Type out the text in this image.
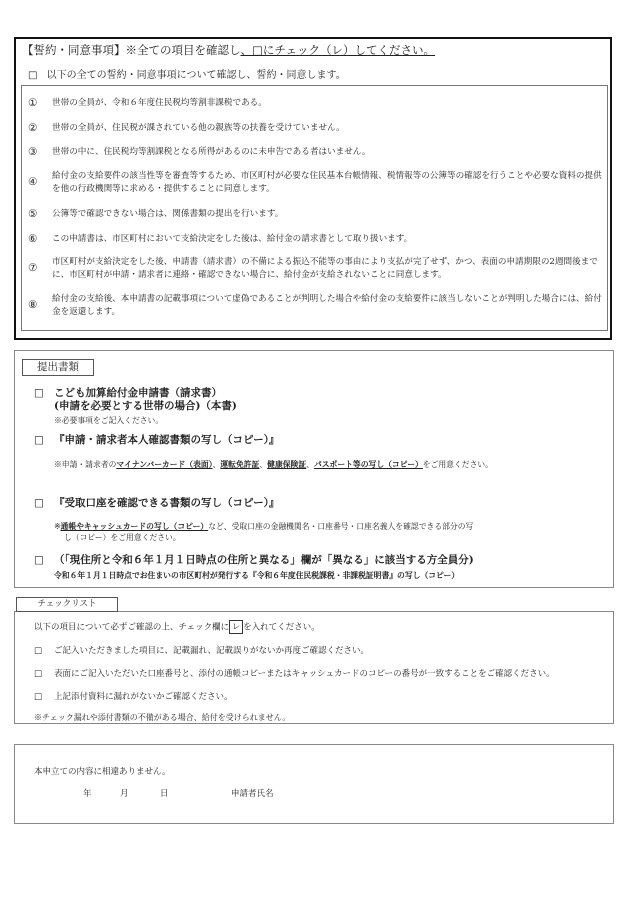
【誓約・同意事項】※全ての項目を確認し、□にチェック（レ）してください。
□ 以下の全ての誓約・同意事項について確認し、誓約・同意します。
①	世帯の全員が、令和６年度住民税均等割非課税である。
②	世帯の全員が、住民税が課されている他の親族等の扶養を受けていません。
③	世帯の中に、住民税均等割課税となる所得があるのに未申告である者はいません。
④	給付金の支給要件の該当性等を審査等するため、市区町村が必要な住民基本台帳情報、税情報等の公簿等の確認を行うことや必要な資料の提供を他の行政機関等に求める・提供することに同意します。
⑤	公簿等で確認できない場合は、関係書類の提出を行います。
⑥	この申請書は、市区町村において支給決定をした後は、給付金の請求書として取り扱います。
⑦	市区町村が支給決定をした後、申請書（請求書）の不備による振込不能等の事由により支払が完了せず、かつ、表面の申請期限の2週間後までに、市区町村が申請・請求者に連絡・確認できない場合に、給付金が支給されないことに同意します。
⑧	給付金の支給後、本申請書の記載事項について虚偽であることが判明した場合や給付金の支給要件に該当しないことが判明した場合には、給付金を返還します。
提出書類
□ こども加算給付金申請書（請求書）
(申請を必要とする世帯の場合)（本書)
※必要事項をご記入ください。
□ 『申請・請求者本人確認書類の写し（コピー）』
※申請・請求者のマイナンバーカード（表面）、運転免許証、健康保険証、パスポート等の写し（コピー）をご用意ください。
□ 『受取口座を確認できる書類の写し（コピー）』
※通帳やキャッシュカードの写し（コピー）など、受取口座の金融機関名・口座番号・口座名義人を確認できる部分の写
し（コピー）をご用意ください。
□ （「現住所と令和６年１月１日時点の住所と異なる」欄が「異なる」に該当する方全員分)
令和６年１月１日時点でお住まいの市区町村が発行する『令和６年度住民税課税・非課税証明書』の写し（コピー）
チェックリスト
以下の項目について必ずご確認の上、チェック欄に レ を入れてください。
□ ご記入いただきました項目に、記載漏れ、記載誤りがないか再度ご確認ください。
□ 表面にご記入いただいた口座番号と、添付の通帳コピーまたはキャッシュカードのコピーの番号が一致することをご確認ください。
□ 上記添付資料に漏れがないかご確認ください。
※チェック漏れや添付書類の不備がある場合、給付を受けられません。
本申立ての内容に相違ありません。
年	月	日	申請者氏名
